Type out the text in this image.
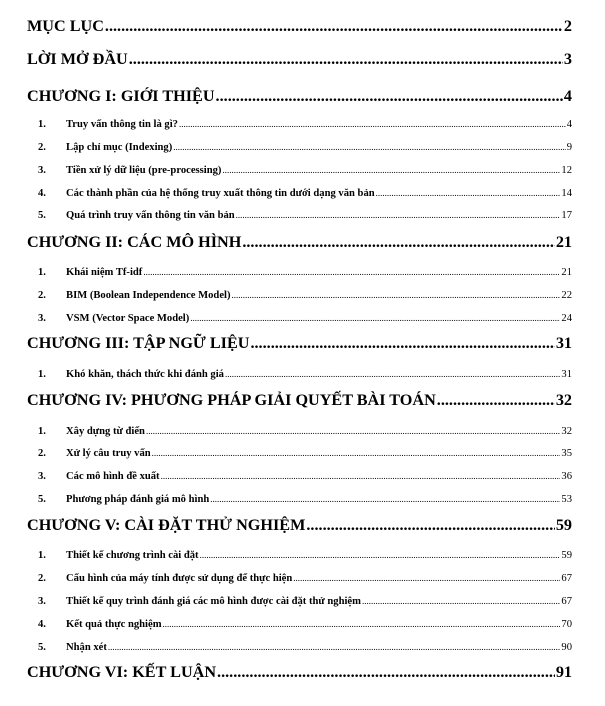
MỤC LỤC .....	2
LỜI MỞ ĐẦU .....	3
CHƯƠNG I: GIỚI THIỆU .....	4
1.	Truy vấn thông tin là gì? .....	4
2.	Lập chỉ mục (Indexing) .....	9
3.	Tiền xử lý dữ liệu (pre-processing) .....	12
4.	Các thành phần của hệ thống truy xuất thông tin dưới dạng văn bản .....	14
5.	Quá trình truy vấn thông tin văn bản .....	17
CHƯƠNG II: CÁC MÔ HÌNH .....	21
1.	Khái niệm Tf-idf .....	21
2.	BIM (Boolean Independence Model) .....	22
3.	VSM (Vector Space Model) .....	24
CHƯƠNG III: TẬP NGỮ LIỆU .....	31
1.	Khó khăn, thách thức khi đánh giá .....	31
CHƯƠNG IV: PHƯƠNG PHÁP GIẢI QUYẾT BÀI TOÁN .....	32
1.	Xây dựng từ điển .....	32
2.	Xử lý câu truy vấn .....	35
3.	Các mô hình đề xuất .....	36
5.	Phương pháp đánh giá mô hình .....	53
CHƯƠNG V: CÀI ĐẶT THỬ NGHIỆM .....	59
1.	Thiết kế chương trình cài đặt .....	59
2.	Cấu hình của máy tính được sử dụng để thực hiện .....	67
3.	Thiết kế quy trình đánh giá các mô hình được cài đặt thử nghiệm .....	67
4.	Kết quả thực nghiệm .....	70
5.	Nhận xét .....	90
CHƯƠNG VI: KẾT LUẬN .....	91
